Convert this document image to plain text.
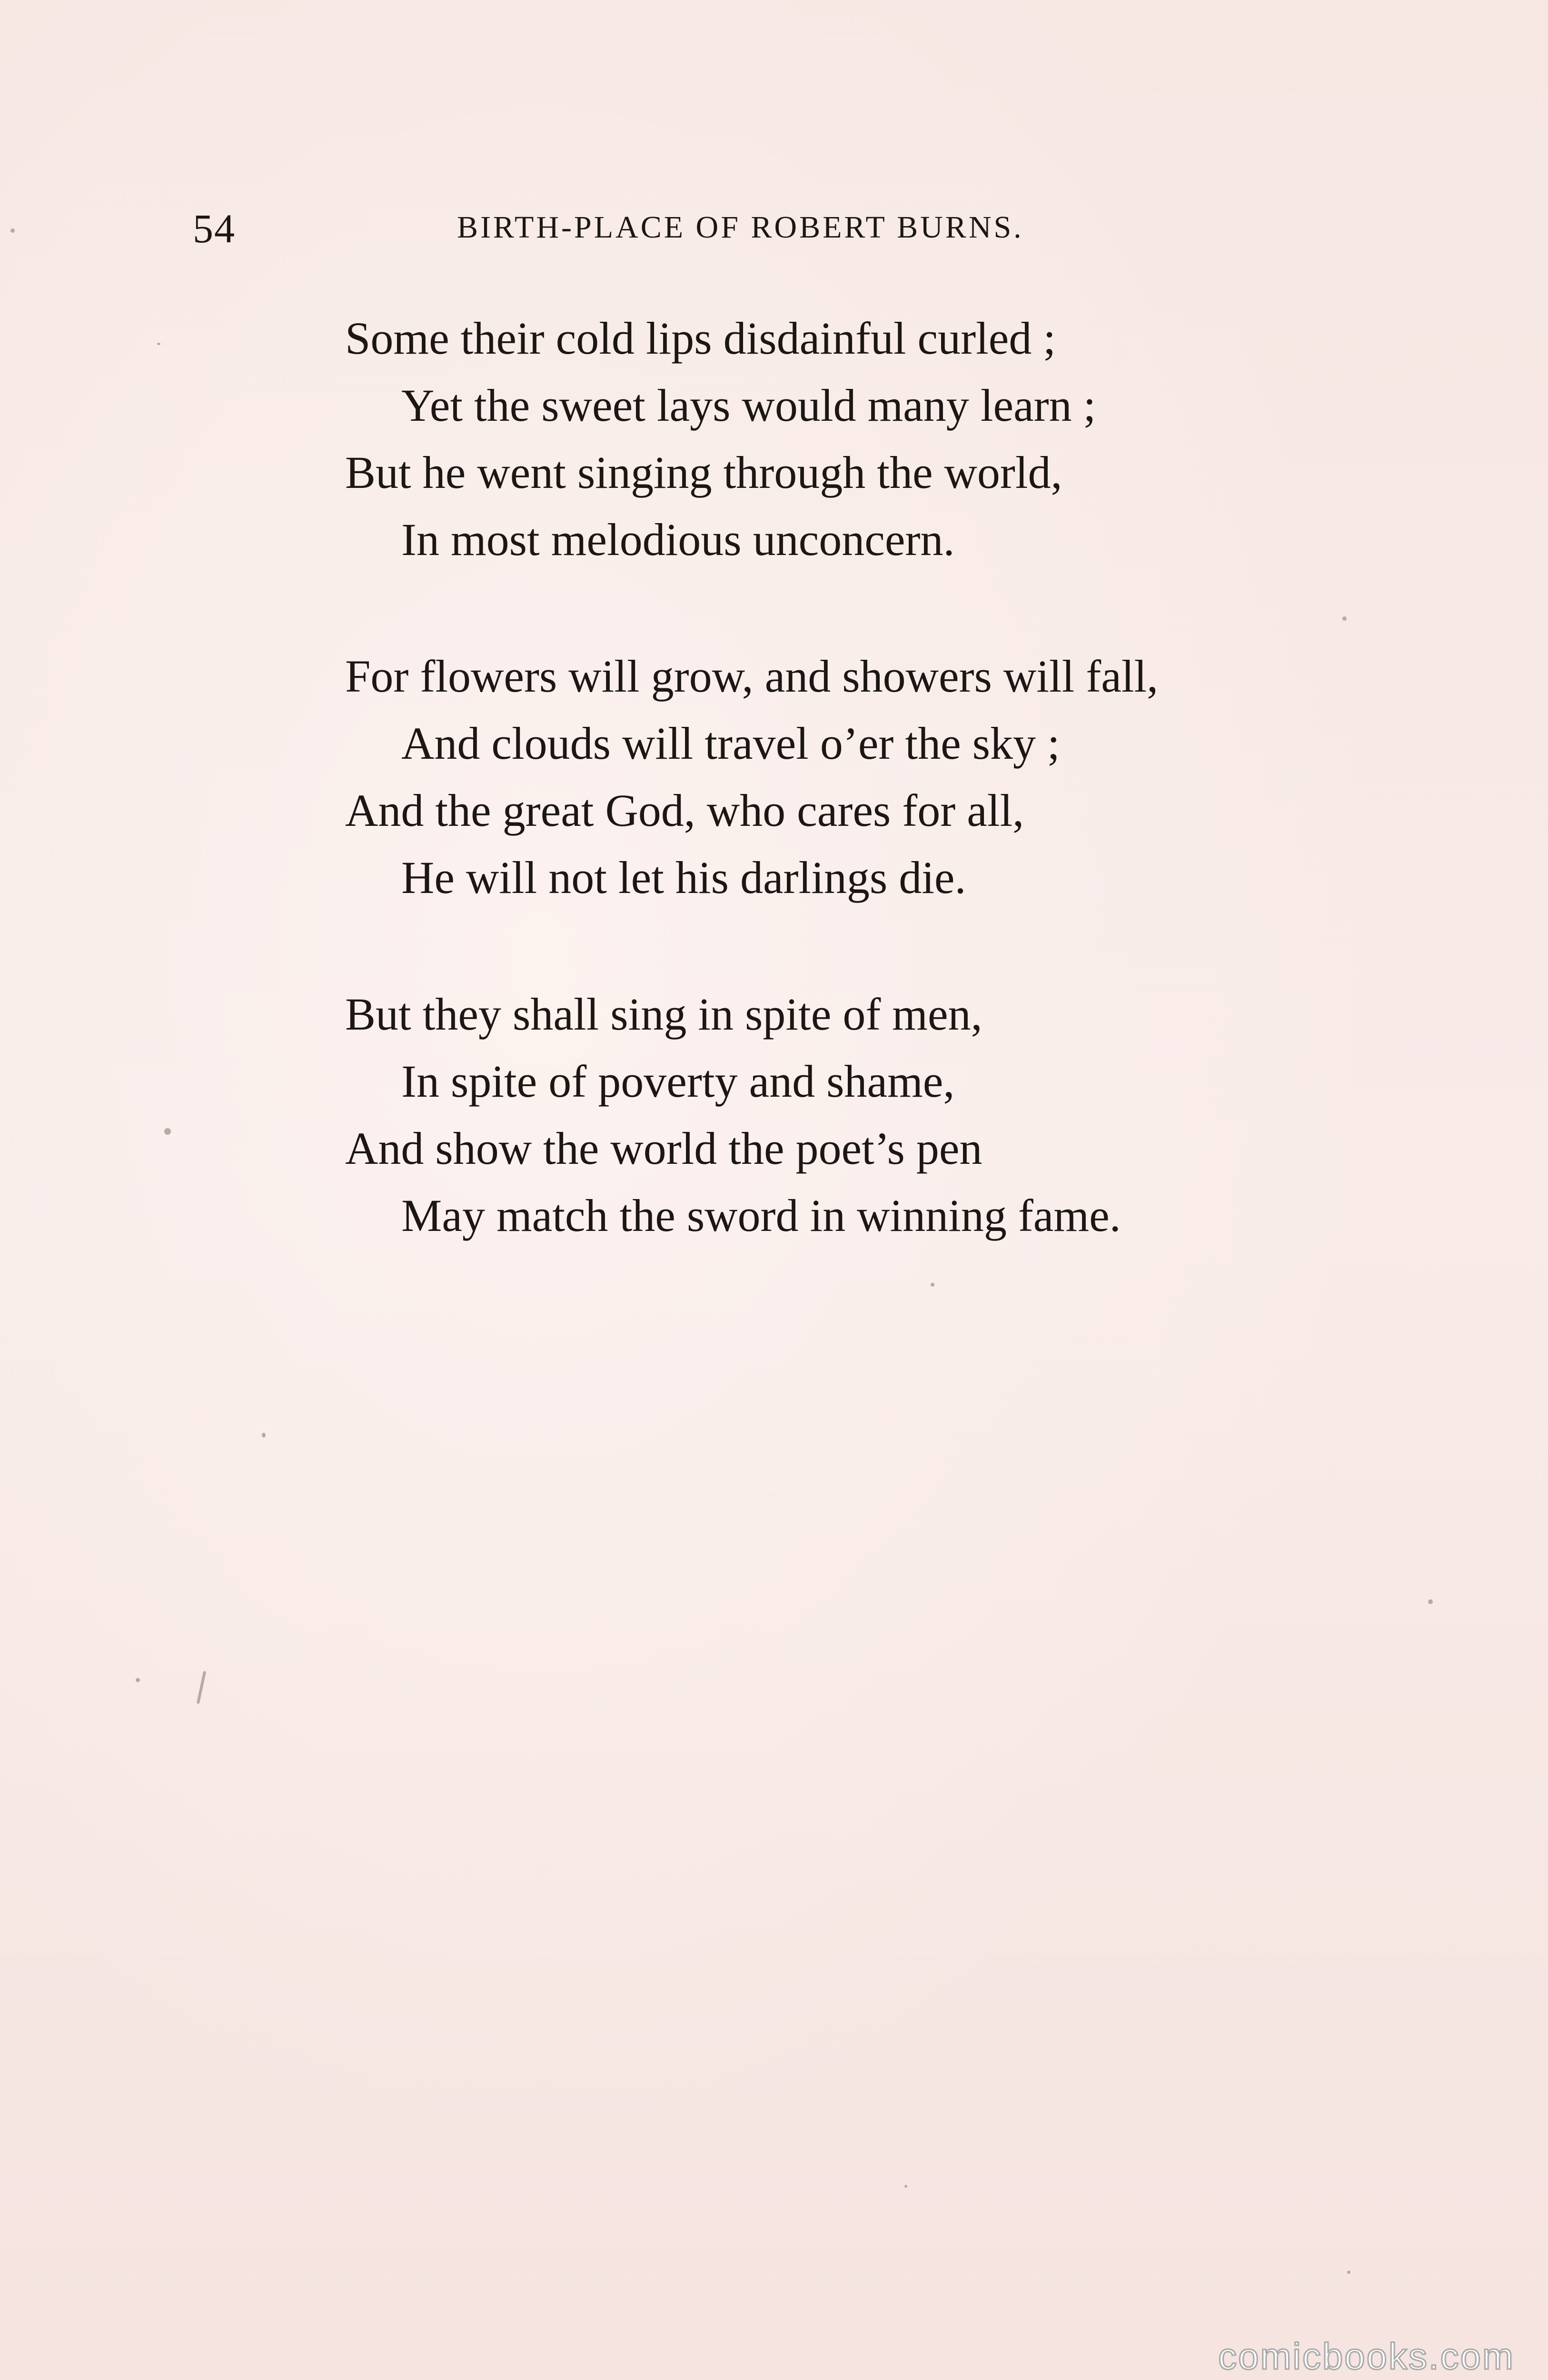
54	BIRTH-PLACE OF ROBERT BURNS.
Some their cold lips disdainful curled ;
Yet the sweet lays would many learn ;
But he went singing through the world,
In most melodious unconcern.
For flowers will grow, and showers will fall,
And clouds will travel o’er the sky ;
And the great God, who cares for all,
He will not let his darlings die.
But they shall sing in spite of men,
In spite of poverty and shame,
And show the world the poet’s pen
May match the sword in winning fame.
comicbooks.com
